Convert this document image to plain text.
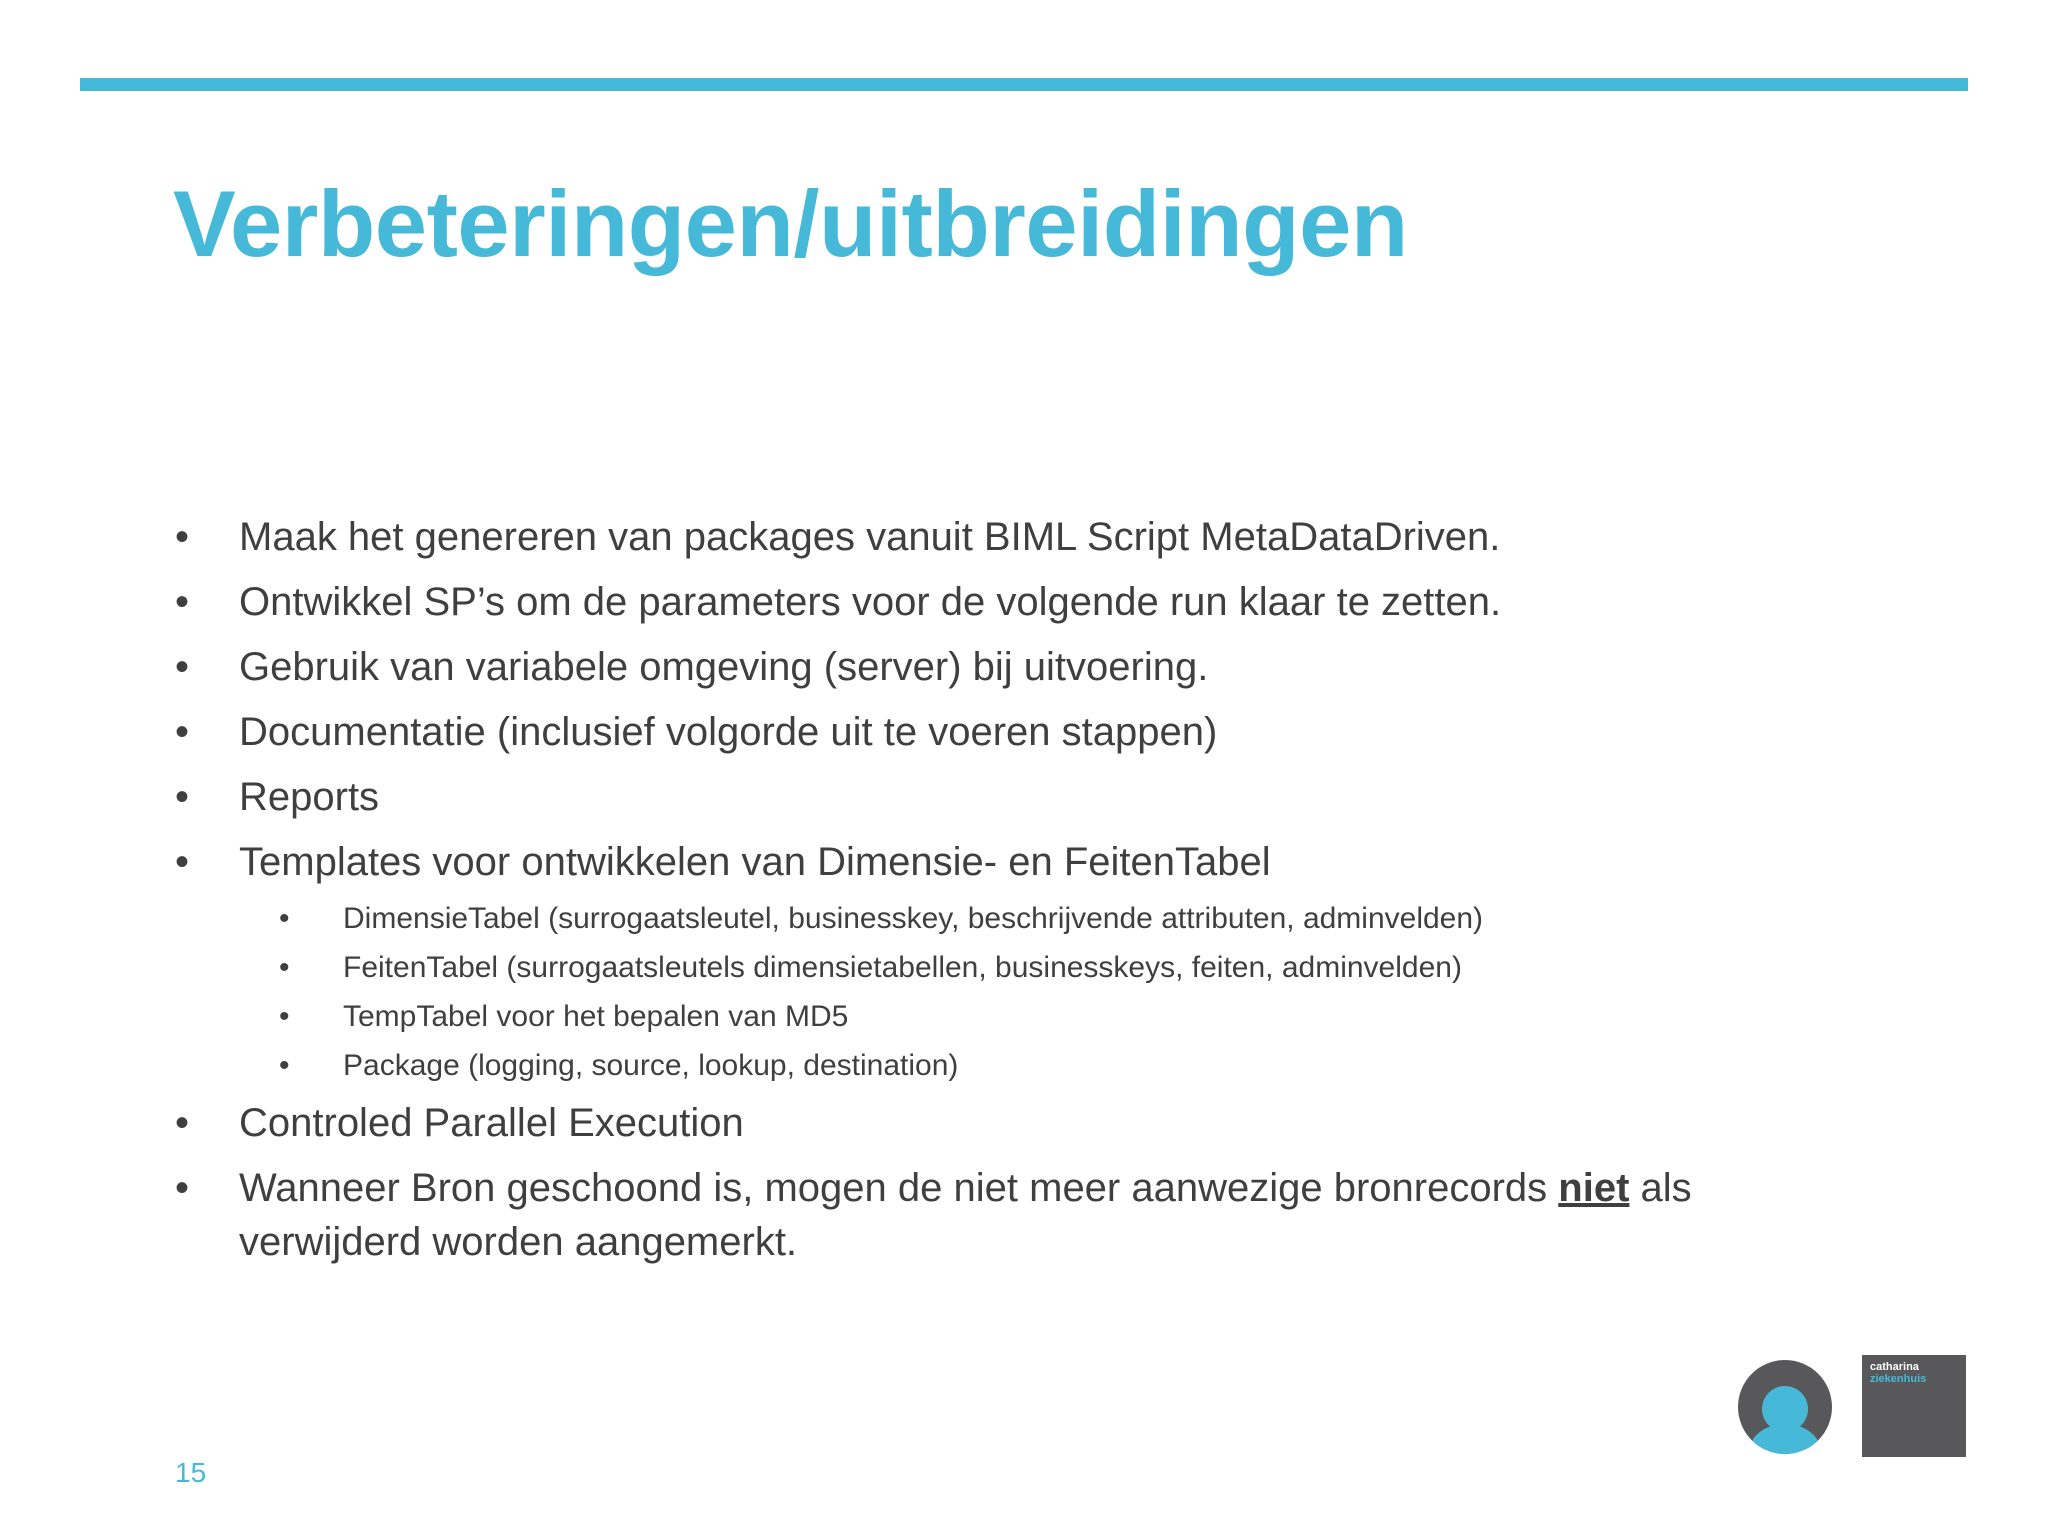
Verbeteringen/uitbreidingen
• Maak het genereren van packages vanuit BIML Script MetaDataDriven.
• Ontwikkel SP’s om de parameters voor de volgende run klaar te zetten.
• Gebruik van variabele omgeving (server) bij uitvoering.
• Documentatie (inclusief volgorde uit te voeren stappen)
• Reports
• Templates voor ontwikkelen van Dimensie- en FeitenTabel
• DimensieTabel (surrogaatsleutel, businesskey, beschrijvende attributen, adminvelden)
• FeitenTabel (surrogaatsleutels dimensietabellen, businesskeys, feiten, adminvelden)
• TempTabel voor het bepalen van MD5
• Package (logging, source, lookup, destination)
• Controled Parallel Execution
• Wanneer Bron geschoond is, mogen de niet meer aanwezige bronrecords niet als verwijderd worden aangemerkt.
15
catharina
ziekenhuis
